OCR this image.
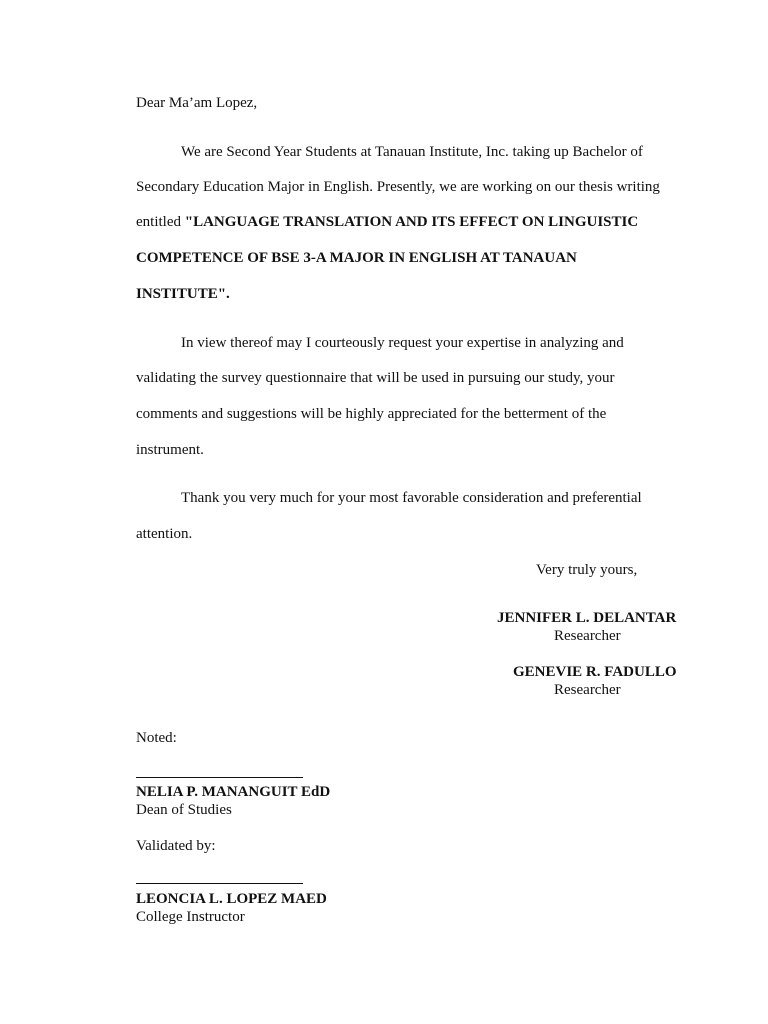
Dear Ma’am Lopez,
We are Second Year Students at Tanauan Institute, Inc. taking up Bachelor of
Secondary Education Major in English. Presently, we are working on our thesis writing
entitled "LANGUAGE TRANSLATION AND ITS EFFECT ON LINGUISTIC
COMPETENCE OF BSE 3-A MAJOR IN ENGLISH AT TANAUAN
INSTITUTE".
In view thereof may I courteously request your expertise in analyzing and
validating the survey questionnaire that will be used in pursuing our study, your
comments and suggestions will be highly appreciated for the betterment of the
instrument.
Thank you very much for your most favorable consideration and preferential
attention.
Very truly yours,
JENNIFER L. DELANTAR
Researcher
GENEVIE R. FADULLO
Researcher
Noted:
NELIA P. MANANGUIT EdD
Dean of Studies
Validated by:
LEONCIA L. LOPEZ MAED
College Instructor
